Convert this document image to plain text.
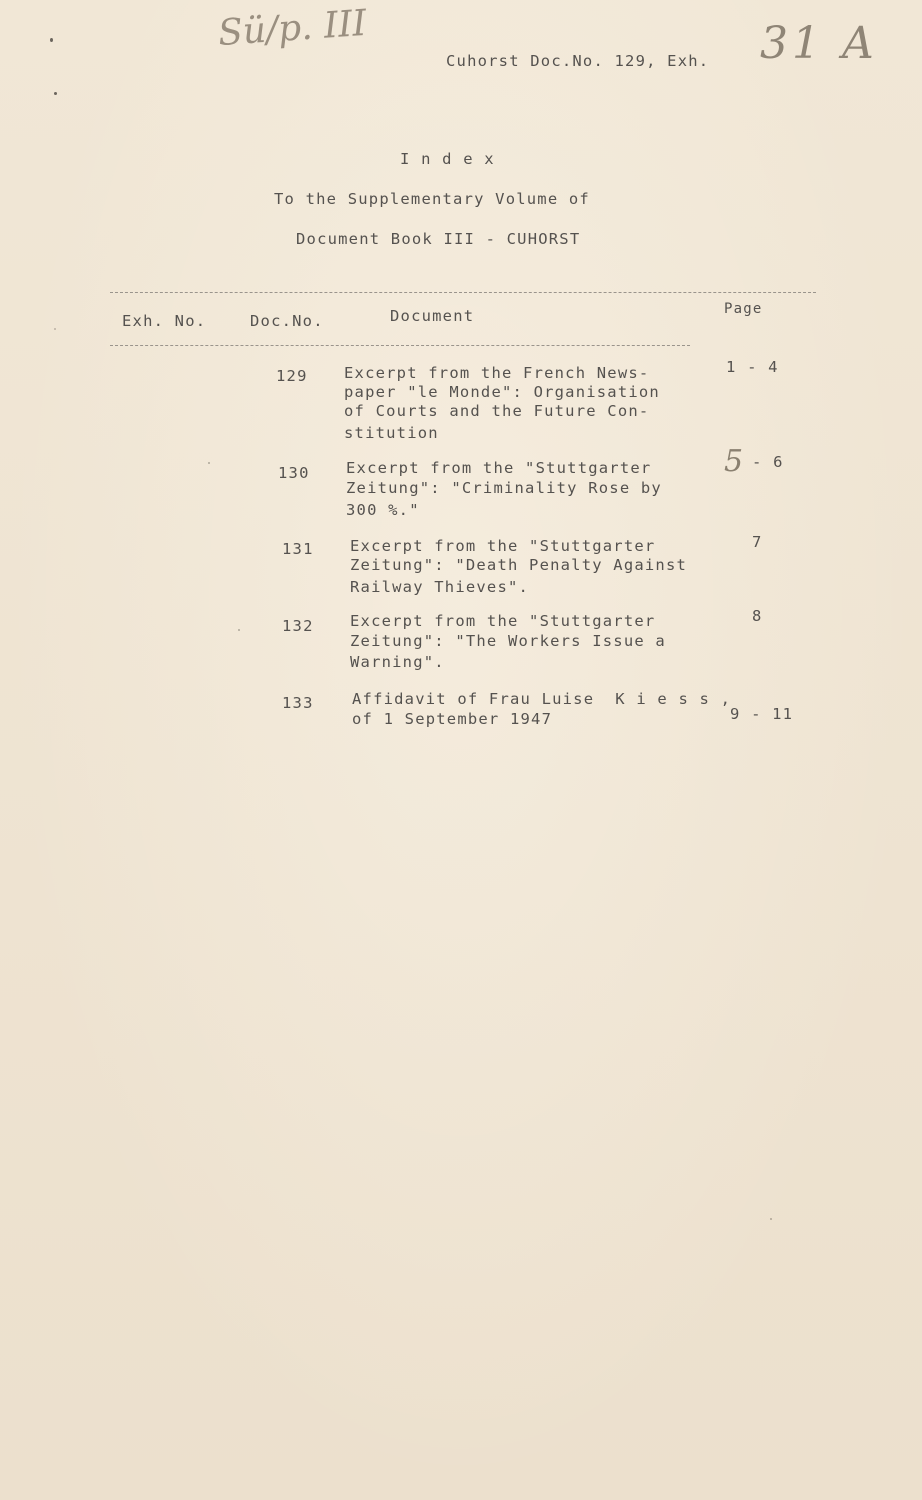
Sü/p. III	31 A
Cuhorst Doc.No. 129, Exh.
I n d e x
To the Supplementary Volume of
Document Book III - CUHORST
Exh. No.	Doc.No.	Document	Page
129 Excerpt from the French News-
paper "le Monde": Organisation
of Courts and the Future Con-
stitution
1 - 4
130 Excerpt from the "Stuttgarter
Zeitung": "Criminality Rose by
300 %."
5 - 6
131 Excerpt from the "Stuttgarter
Zeitung": "Death Penalty Against
Railway Thieves".
7
132 Excerpt from the "Stuttgarter
Zeitung": "The Workers Issue a
Warning".
8
133 Affidavit of Frau Luise  K i e s s ,
of 1 September 1947	9 - 11
